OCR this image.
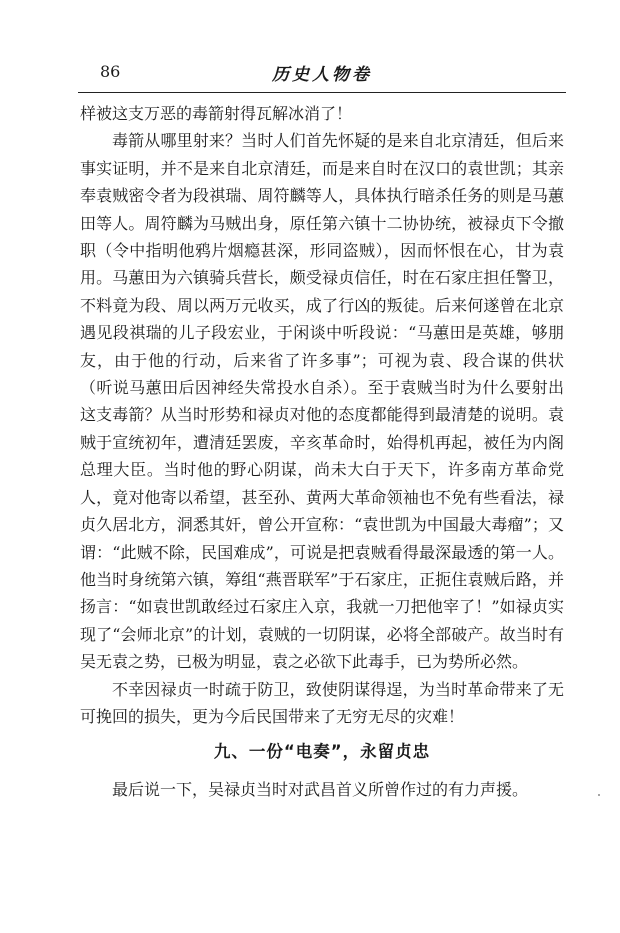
86	历史人物卷

样被这支万恶的毒箭射得瓦解冰消了！

毒箭从哪里射来？当时人们首先怀疑的是来自北京清廷，但后来事实证明，并不是来自北京清廷，而是来自时在汉口的袁世凯；其亲奉袁贼密令者为段祺瑞、周符麟等人，具体执行暗杀任务的则是马蕙田等人。周符麟为马贼出身，原任第六镇十二协协统，被禄贞下令撤职（令中指明他鸦片烟瘾甚深，形同盗贼），因而怀恨在心，甘为袁用。马蕙田为六镇骑兵营长，颇受禄贞信任，时在石家庄担任警卫，不料竟为段、周以两万元收买，成了行凶的叛徒。后来何遂曾在北京遇见段祺瑞的儿子段宏业，于闲谈中听段说：“马蕙田是英雄，够朋友，由于他的行动，后来省了许多事”；可视为袁、段合谋的供状（听说马蕙田后因神经失常投水自杀）。至于袁贼当时为什么要射出这支毒箭？从当时形势和禄贞对他的态度都能得到最清楚的说明。袁贼于宣统初年，遭清廷罢废，辛亥革命时，始得机再起，被任为内阁总理大臣。当时他的野心阴谋，尚未大白于天下，许多南方革命党人，竟对他寄以希望，甚至孙、黄两大革命领袖也不免有些看法，禄贞久居北方，洞悉其奸，曾公开宣称：“袁世凯为中国最大毒瘤”；又谓：“此贼不除，民国难成”，可说是把袁贼看得最深最透的第一人。他当时身统第六镇，筹组“燕晋联军”于石家庄，正扼住袁贼后路，并扬言：“如袁世凯敢经过石家庄入京，我就一刀把他宰了！”如禄贞实现了“会师北京”的计划，袁贼的一切阴谋，必将全部破产。故当时有吴无袁之势，已极为明显，袁之必欲下此毒手，已为势所必然。

不幸因禄贞一时疏于防卫，致使阴谋得逞，为当时革命带来了无可挽回的损失，更为今后民国带来了无穷无尽的灾难！

九、一份“电奏”，永留贞忠

最后说一下，吴禄贞当时对武昌首义所曾作过的有力声援。
